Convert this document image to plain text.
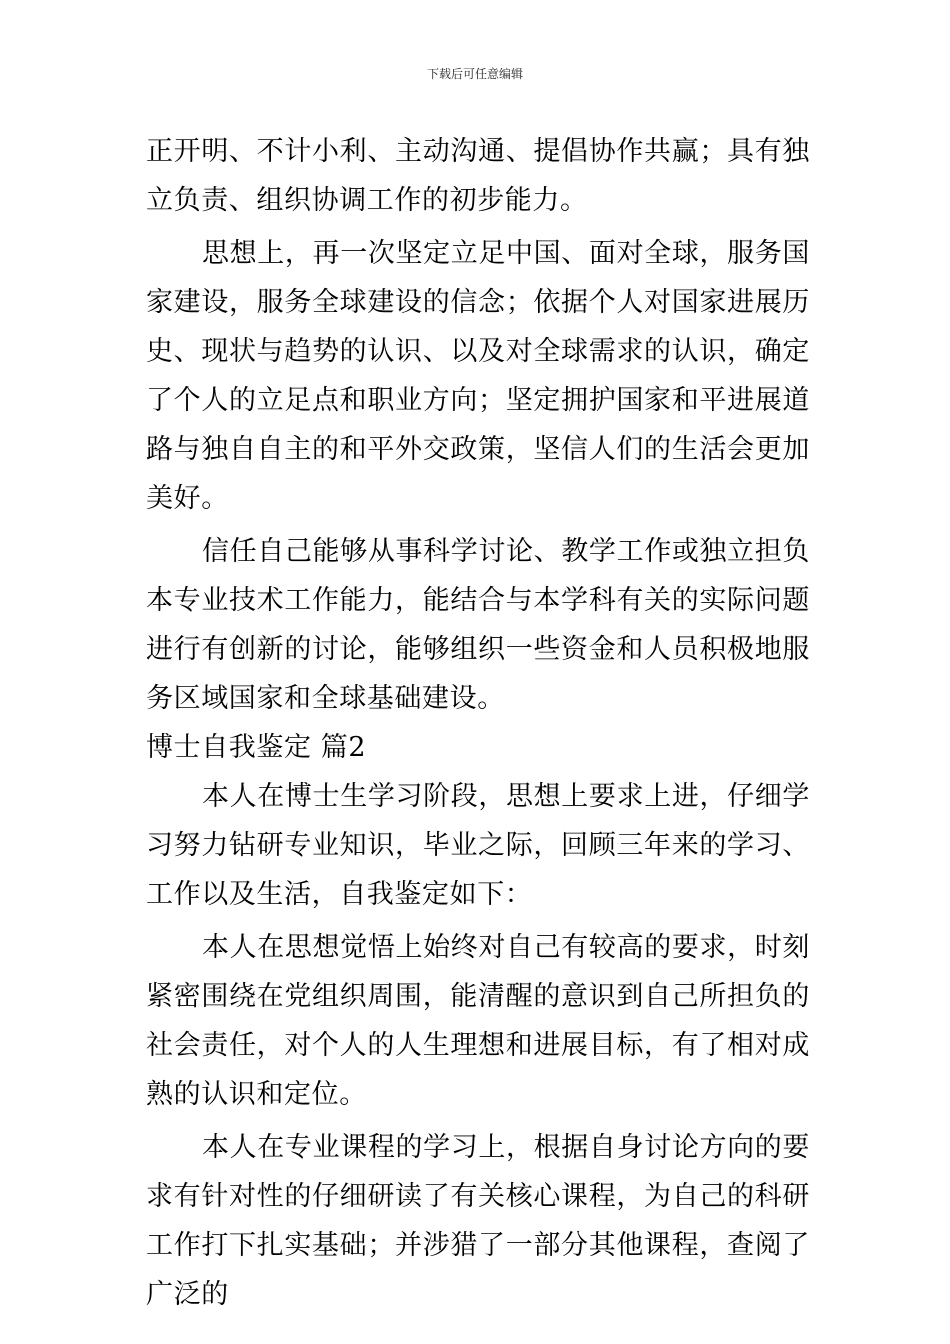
下载后可任意编辑

正开明、不计小利、主动沟通、提倡协作共赢；具有独立负责、组织协调工作的初步能力。

思想上，再一次坚定立足中国、面对全球，服务国家建设，服务全球建设的信念；依据个人对国家进展历史、现状与趋势的认识、以及对全球需求的认识，确定了个人的立足点和职业方向；坚定拥护国家和平进展道路与独自自主的和平外交政策，坚信人们的生活会更加美好。

信任自己能够从事科学讨论、教学工作或独立担负本专业技术工作能力，能结合与本学科有关的实际问题进行有创新的讨论，能够组织一些资金和人员积极地服务区域国家和全球基础建设。

博士自我鉴定 篇2

本人在博士生学习阶段，思想上要求上进，仔细学习努力钻研专业知识，毕业之际，回顾三年来的学习、工作以及生活，自我鉴定如下：

本人在思想觉悟上始终对自己有较高的要求，时刻紧密围绕在党组织周围，能清醒的意识到自己所担负的社会责任，对个人的人生理想和进展目标，有了相对成熟的认识和定位。

本人在专业课程的学习上，根据自身讨论方向的要求有针对性的仔细研读了有关核心课程，为自己的科研工作打下扎实基础；并涉猎了一部分其他课程，查阅了广泛的
